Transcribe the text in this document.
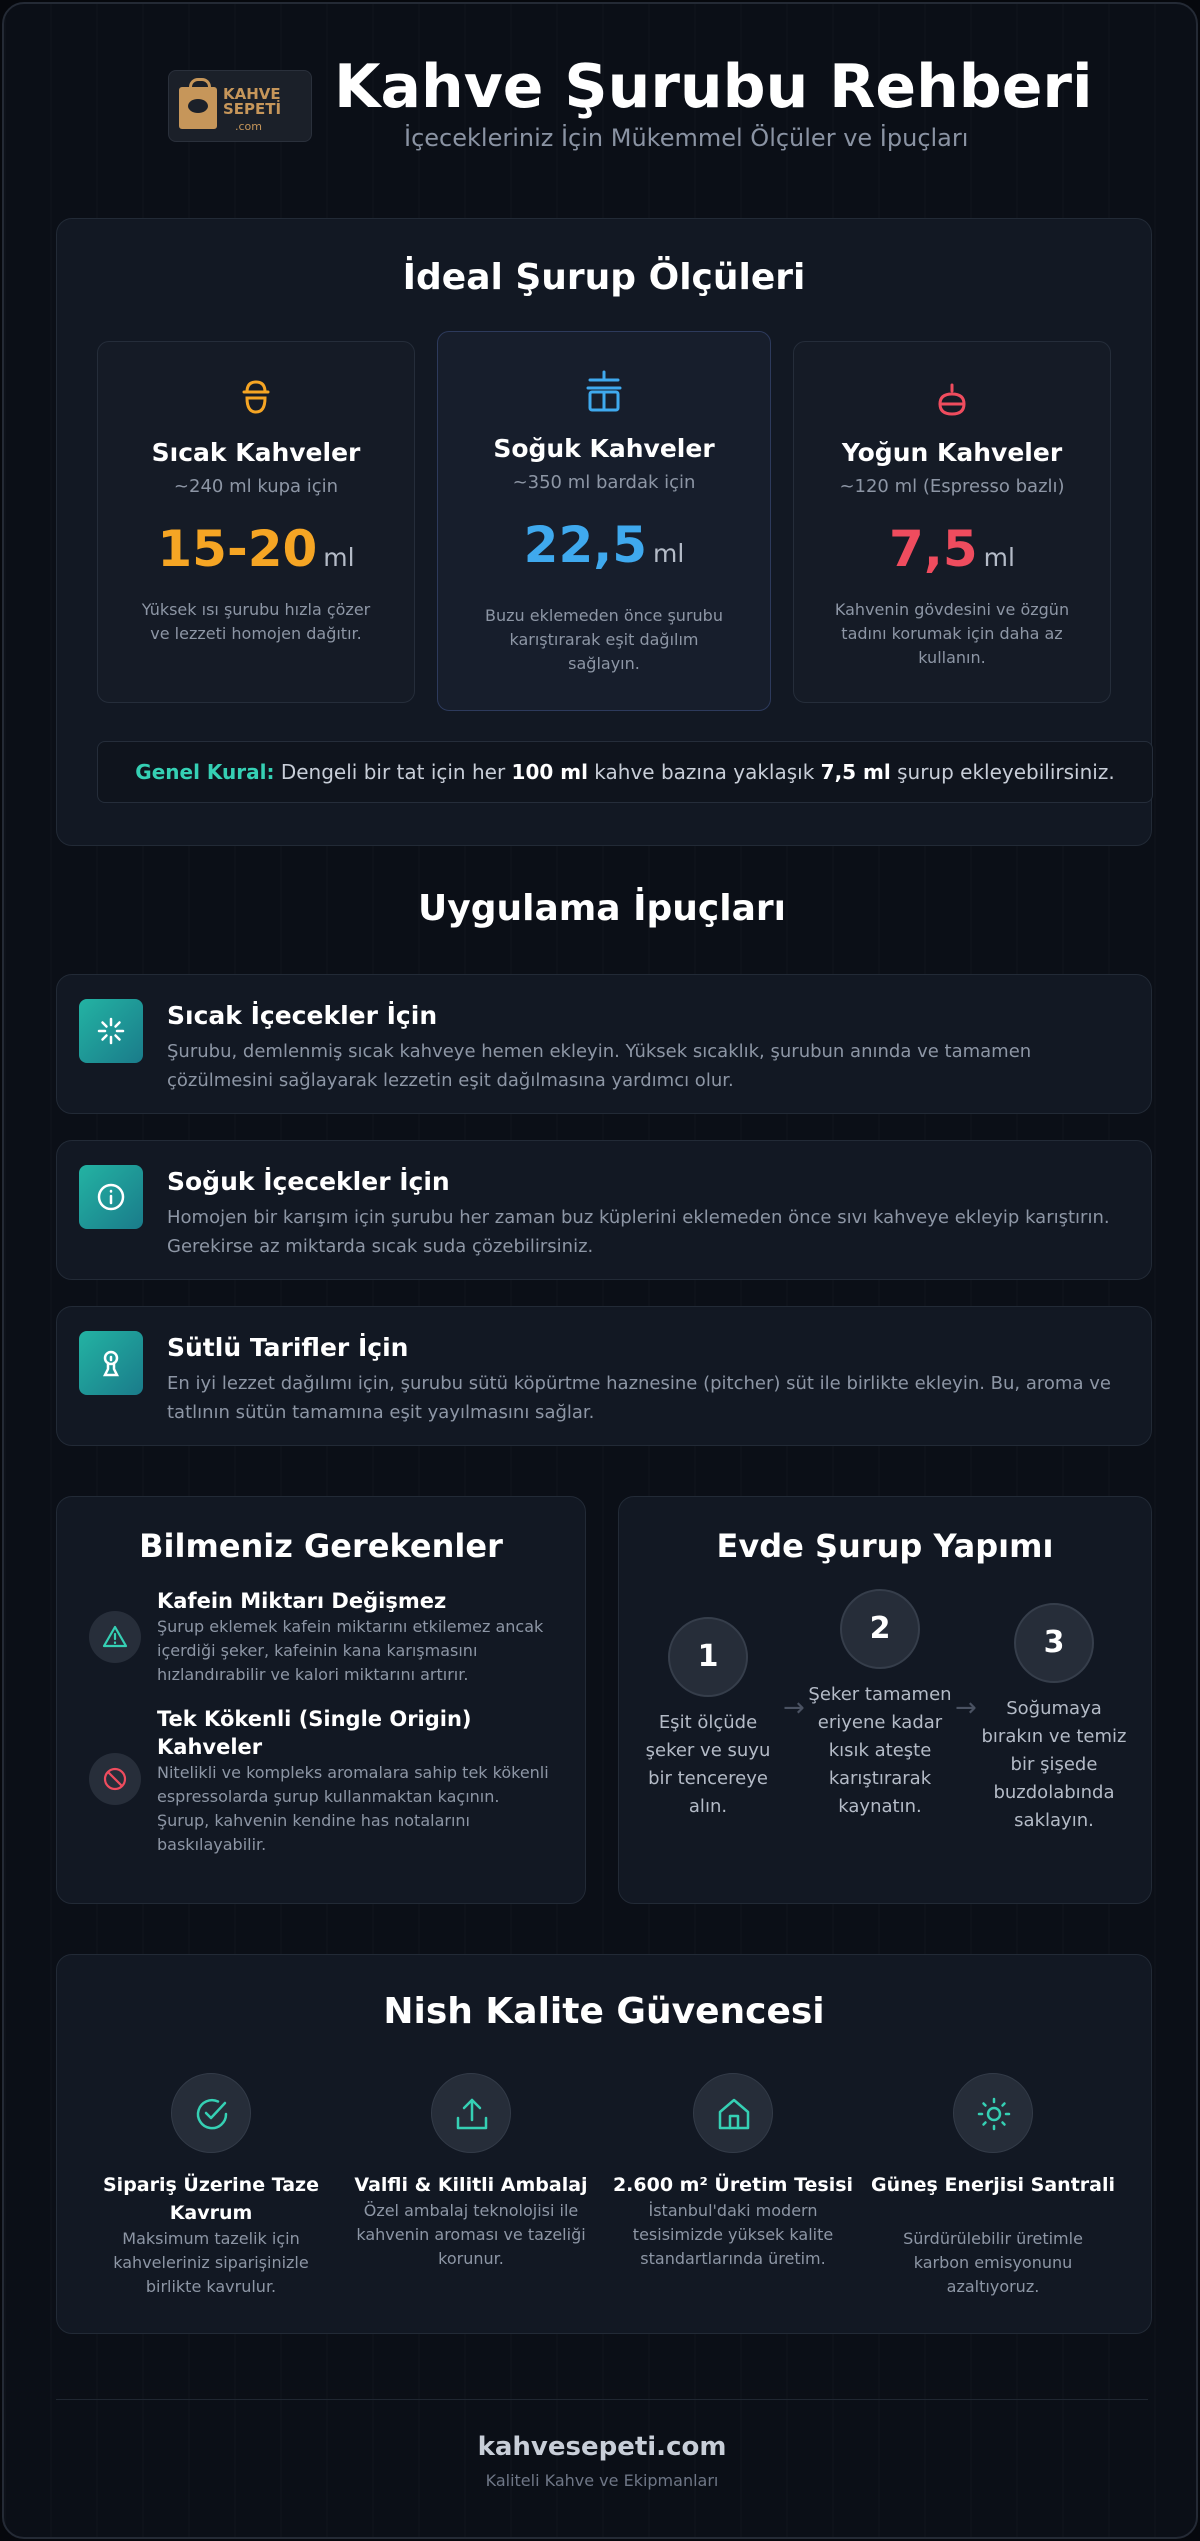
KAHVE
SEPETİ
.com
Kahve Şurubu Rehberi
İçecekleriniz İçin Mükemmel Ölçüler ve İpuçları
İdeal Şurup Ölçüleri
Sıcak Kahveler
~240 ml kupa için
15-20 ml
Yüksek ısı şurubu hızla çözer ve lezzeti homojen dağıtır.
Soğuk Kahveler
~350 ml bardak için
22,5 ml
Buzu eklemeden önce şurubu karıştırarak eşit dağılım sağlayın.
Yoğun Kahveler
~120 ml (Espresso bazlı)
7,5 ml
Kahvenin gövdesini ve özgün tadını korumak için daha az kullanın.
Genel Kural: Dengeli bir tat için her 100 ml kahve bazına yaklaşık 7,5 ml şurup ekleyebilirsiniz.
Uygulama İpuçları
Sıcak İçecekler İçin
Şurubu, demlenmiş sıcak kahveye hemen ekleyin. Yüksek sıcaklık, şurubun anında ve tamamen çözülmesini sağlayarak lezzetin eşit dağılmasına yardımcı olur.
Soğuk İçecekler İçin
Homojen bir karışım için şurubu her zaman buz küplerini eklemeden önce sıvı kahveye ekleyip karıştırın. Gerekirse az miktarda sıcak suda çözebilirsiniz.
Sütlü Tarifler İçin
En iyi lezzet dağılımı için, şurubu sütü köpürtme haznesine (pitcher) süt ile birlikte ekleyin. Bu, aroma ve tatlının sütün tamamına eşit yayılmasını sağlar.
Bilmeniz Gerekenler
Kafein Miktarı Değişmez
Şurup eklemek kafein miktarını etkilemez ancak içerdiği şeker, kafeinin kana karışmasını hızlandırabilir ve kalori miktarını artırır.
Tek Kökenli (Single Origin) Kahveler
Nitelikli ve kompleks aromalara sahip tek kökenli espressolarda şurup kullanmaktan kaçının. Şurup, kahvenin kendine has notalarını baskılayabilir.
Evde Şurup Yapımı
1
Eşit ölçüde şeker ve suyu bir tencereye alın.
→
2
Şeker tamamen eriyene kadar kısık ateşte karıştırarak kaynatın.
→
3
Soğumaya bırakın ve temiz bir şişede buzdolabında saklayın.
Nish Kalite Güvencesi
Sipariş Üzerine Taze Kavrum
Maksimum tazelik için kahveleriniz siparişinizle birlikte kavrulur.
Valfli & Kilitli Ambalaj
Özel ambalaj teknolojisi ile kahvenin aroması ve tazeliği korunur.
2.600 m² Üretim Tesisi
İstanbul'daki modern tesisimizde yüksek kalite standartlarında üretim.
Güneş Enerjisi Santrali
Sürdürülebilir üretimle karbon emisyonunu azaltıyoruz.
kahvesepeti.com
Kaliteli Kahve ve Ekipmanları
